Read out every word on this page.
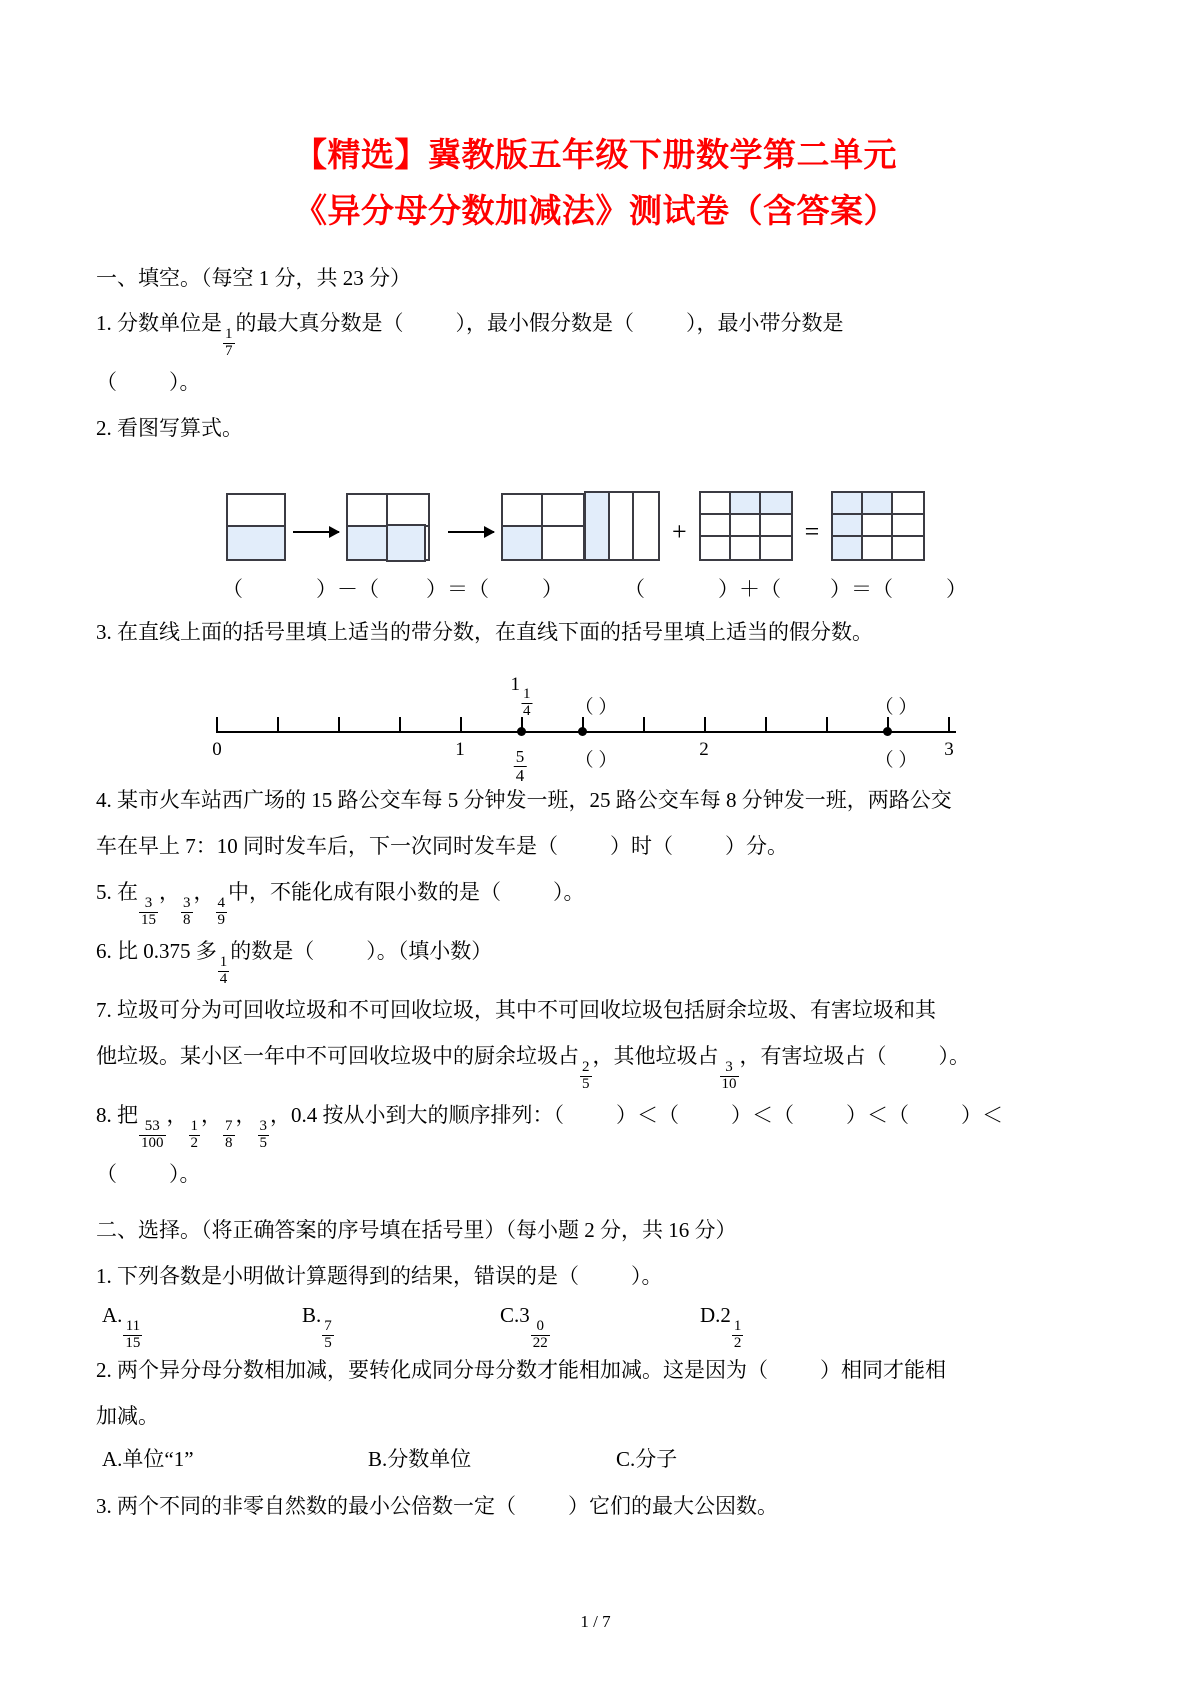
【精选】冀教版五年级下册数学第二单元
《异分母分数加减法》测试卷（含答案）
一、填空。（每空 1 分，共 23 分）
1. 分数单位是
$\frac{1}{7}$
的最大真分数是（ ），最小假分数是（ ），最小带分数是
（ ）。
2. 看图写算式。
+	=
（	）－（ ）＝（	）	（	）＋（ ）＝（	）
3. 在直线上面的括号里填上适当的带分数，在直线下面的括号里填上适当的假分数。
0	1	2	3
1
$\frac{1}{4}$ （ ）	（ ）
$\frac{5}{4}$	（ ）	（ ）
4. 某市火车站西广场的 15 路公交车每 5 分钟发一班，25 路公交车每 8 分钟发一班，两路公交
车在早上 7：10 同时发车后，下一次同时发车是（ ）时（ ）分。
5. 在
$\frac{3}{15}$
，
$\frac{3}{8}$
，
$\frac{4}{9}$
中，不能化成有限小数的是（ ）。
6. 比 0.375 多
$\frac{1}{4}$
的数是（ ）。（填小数）
7. 垃圾可分为可回收垃圾和不可回收垃圾，其中不可回收垃圾包括厨余垃圾、有害垃圾和其
他垃圾。某小区一年中不可回收垃圾中的厨余垃圾占
$\frac{2}{5}$
，其他垃圾占
$\frac{3}{10}$
，有害垃圾占（ ）。
8. 把
$\frac{53}{100}$
，
$\frac{1}{2}$
，
$\frac{7}{8}$
，
$\frac{3}{5}$
，0.4 按从小到大的顺序排列：（ ）＜（ ）＜（ ）＜（ ）＜
（ ）。
二、选择。（将正确答案的序号填在括号里）（每小题 2 分，共 16 分）
1. 下列各数是小明做计算题得到的结果，错误的是（ ）。
A.
$\frac{11}{15}$
B.
$\frac{7}{5}$
C.3
$\frac{0}{22}$
D.2
$\frac{1}{2}$
2. 两个异分母分数相加减，要转化成同分母分数才能相加减。这是因为（ ）相同才能相
加减。
A.单位“1”	B.分数单位	C.分子
3. 两个不同的非零自然数的最小公倍数一定（ ）它们的最大公因数。
1 / 7
